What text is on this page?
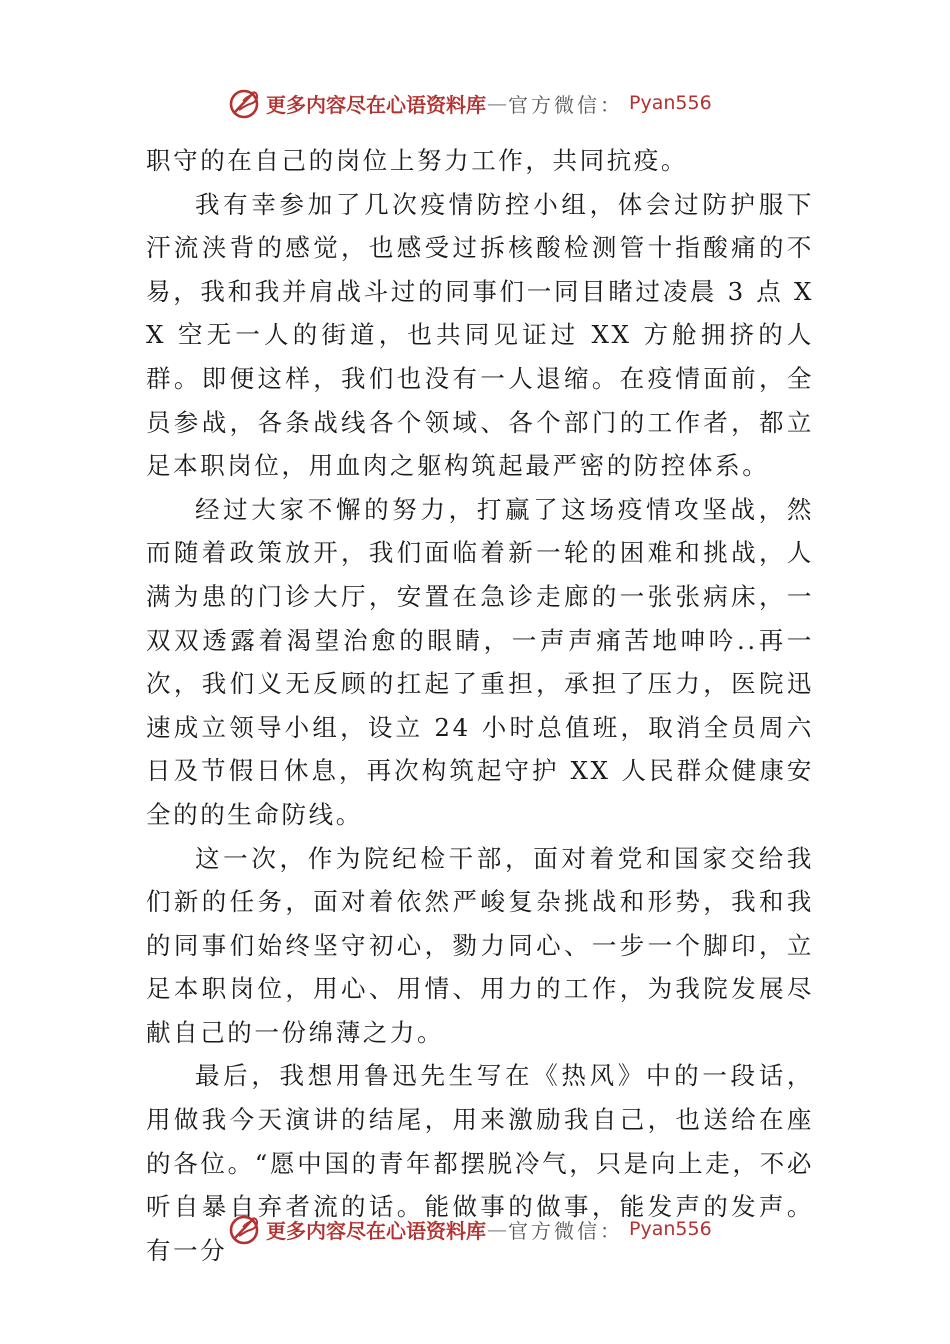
更多内容尽在心语资料库 — 官方微信： Pyan556

职守的在自己的岗位上努力工作，共同抗疫。

我有幸参加了几次疫情防控小组，体会过防护服下汗流浃背的感觉，也感受过拆核酸检测管十指酸痛的不易，我和我并肩战斗过的同事们一同目睹过凌晨 3 点 XX 空无一人的街道，也共同见证过 XX 方舱拥挤的人群。即便这样，我们也没有一人退缩。在疫情面前，全员参战，各条战线各个领域、各个部门的工作者，都立足本职岗位，用血肉之躯构筑起最严密的防控体系。

经过大家不懈的努力，打赢了这场疫情攻坚战，然而随着政策放开，我们面临着新一轮的困难和挑战，人满为患的门诊大厅，安置在急诊走廊的一张张病床，一双双透露着渴望治愈的眼睛，一声声痛苦地呻吟..再一次，我们义无反顾的扛起了重担，承担了压力，医院迅速成立领导小组，设立 24 小时总值班，取消全员周六日及节假日休息，再次构筑起守护 XX 人民群众健康安全的的生命防线。

这一次，作为院纪检干部，面对着党和国家交给我们新的任务，面对着依然严峻复杂挑战和形势，我和我的同事们始终坚守初心，勠力同心、一步一个脚印，立足本职岗位，用心、用情、用力的工作，为我院发展尽献自己的一份绵薄之力。

最后，我想用鲁迅先生写在《热风》中的一段话，用做我今天演讲的结尾，用来激励我自己，也送给在座的各位。“愿中国的青年都摆脱冷气，只是向上走，不必听自暴自弃者流的话。能做事的做事，能发声的发声。有一分

更多内容尽在心语资料库 — 官方微信： Pyan556
